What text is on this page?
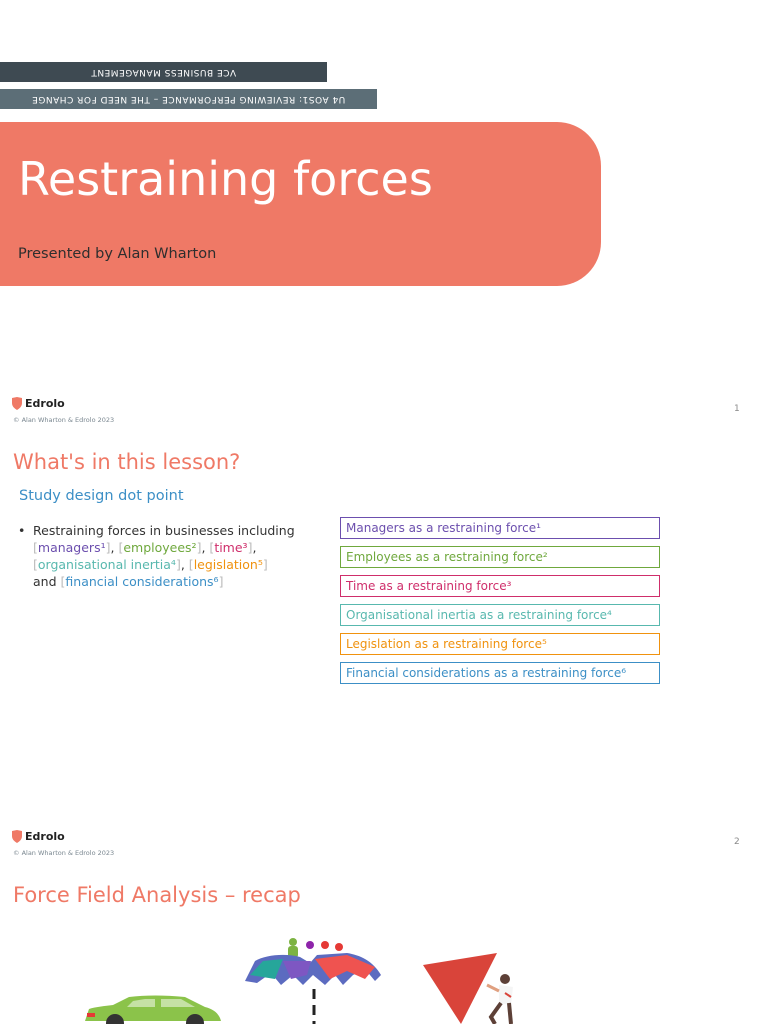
VCE BUSINESS MANAGEMENT
U4 AOS1: REVIEWING PERFORMANCE – THE NEED FOR CHANGE
Restraining forces
Presented by Alan Wharton
Edrolo
© Alan Wharton & Edrolo 2023
1
What's in this lesson?
Study design dot point
• Restraining forces in businesses including
[managers¹], [employees²], [time³],
[organisational inertia⁴], [legislation⁵]
and [financial considerations⁶]
Managers as a restraining force¹
Employees as a restraining force²
Time as a restraining force³
Organisational inertia as a restraining force⁴
Legislation as a restraining force⁵
Financial considerations as a restraining force⁶
Edrolo
© Alan Wharton & Edrolo 2023
2
Force Field Analysis – recap
